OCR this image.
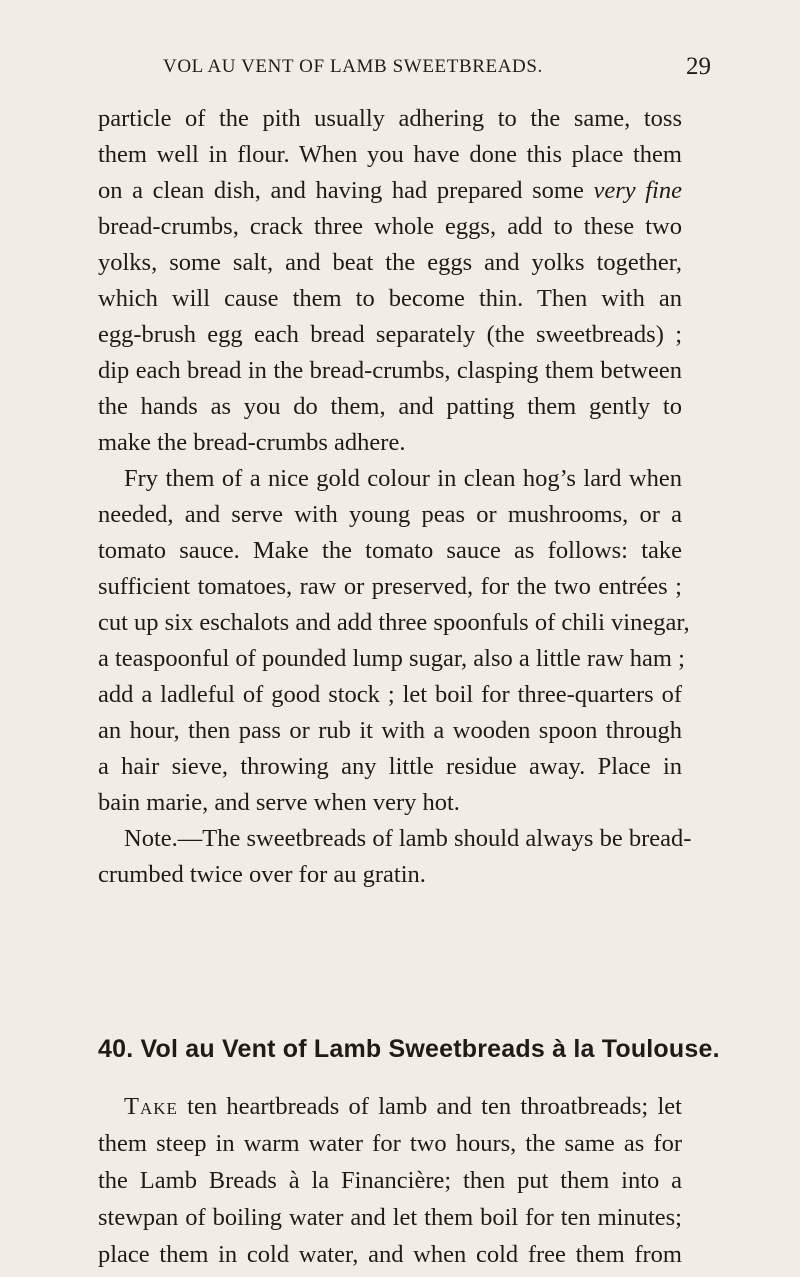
VOL AU VENT OF LAMB SWEETBREADS.	29
particle of the pith usually adhering to the same, toss
them well in flour. When you have done this place them
on a clean dish, and having had prepared some very fine
bread-crumbs, crack three whole eggs, add to these two
yolks, some salt, and beat the eggs and yolks together,
which will cause them to become thin. Then with an
egg-brush egg each bread separately (the sweetbreads) ;
dip each bread in the bread-crumbs, clasping them between
the hands as you do them, and patting them gently to
make the bread-crumbs adhere.
Fry them of a nice gold colour in clean hog’s lard when
needed, and serve with young peas or mushrooms, or a
tomato sauce. Make the tomato sauce as follows: take
sufficient tomatoes, raw or preserved, for the two entrées ;
cut up six eschalots and add three spoonfuls of chili vinegar,
a teaspoonful of pounded lump sugar, also a little raw ham ;
add a ladleful of good stock ; let boil for three-quarters of
an hour, then pass or rub it with a wooden spoon through
a hair sieve, throwing any little residue away. Place in
bain marie, and serve when very hot.
Note.—The sweetbreads of lamb should always be bread-
crumbed twice over for au gratin.
40. Vol au Vent of Lamb Sweetbreads à la Toulouse.
Take ten heartbreads of lamb and ten throatbreads; let
them steep in warm water for two hours, the same as for
the Lamb Breads à la Financière; then put them into a
stewpan of boiling water and let them boil for ten minutes;
place them in cold water, and when cold free them from
